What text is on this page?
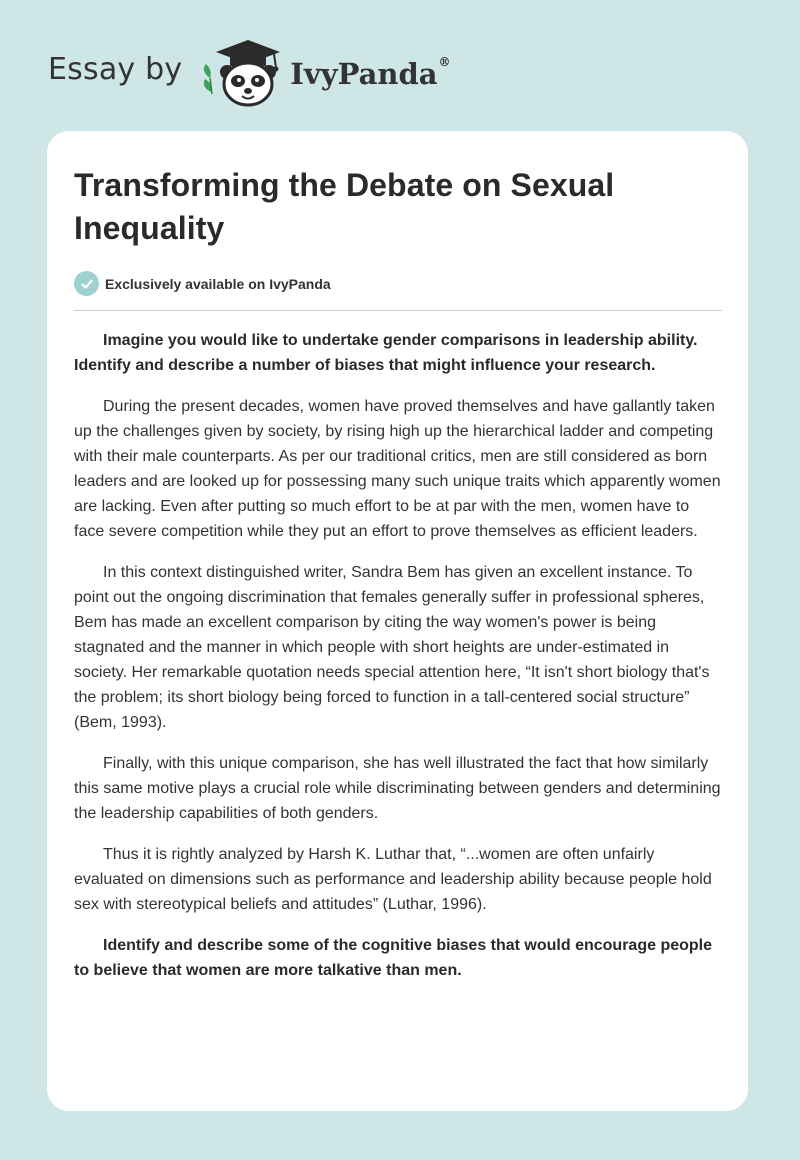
Essay by	IvyPanda®
Transforming the Debate on Sexual Inequality
Exclusively available on IvyPanda

Imagine you would like to undertake gender comparisons in leadership ability. Identify and describe a number of biases that might influence your research.

During the present decades, women have proved themselves and have gallantly taken up the challenges given by society, by rising high up the hierarchical ladder and competing with their male counterparts. As per our traditional critics, men are still considered as born leaders and are looked up for possessing many such unique traits which apparently women are lacking. Even after putting so much effort to be at par with the men, women have to face severe competition while they put an effort to prove themselves as efficient leaders.

In this context distinguished writer, Sandra Bem has given an excellent instance. To point out the ongoing discrimination that females generally suffer in professional spheres, Bem has made an excellent comparison by citing the way women's power is being stagnated and the manner in which people with short heights are under-estimated in society. Her remarkable quotation needs special attention here, “It isn't short biology that's the problem; its short biology being forced to function in a tall-centered social structure” (Bem, 1993).

Finally, with this unique comparison, she has well illustrated the fact that how similarly this same motive plays a crucial role while discriminating between genders and determining the leadership capabilities of both genders.

Thus it is rightly analyzed by Harsh K. Luthar that, “...women are often unfairly evaluated on dimensions such as performance and leadership ability because people hold sex with stereotypical beliefs and attitudes” (Luthar, 1996).

Identify and describe some of the cognitive biases that would encourage people to believe that women are more talkative than men.
